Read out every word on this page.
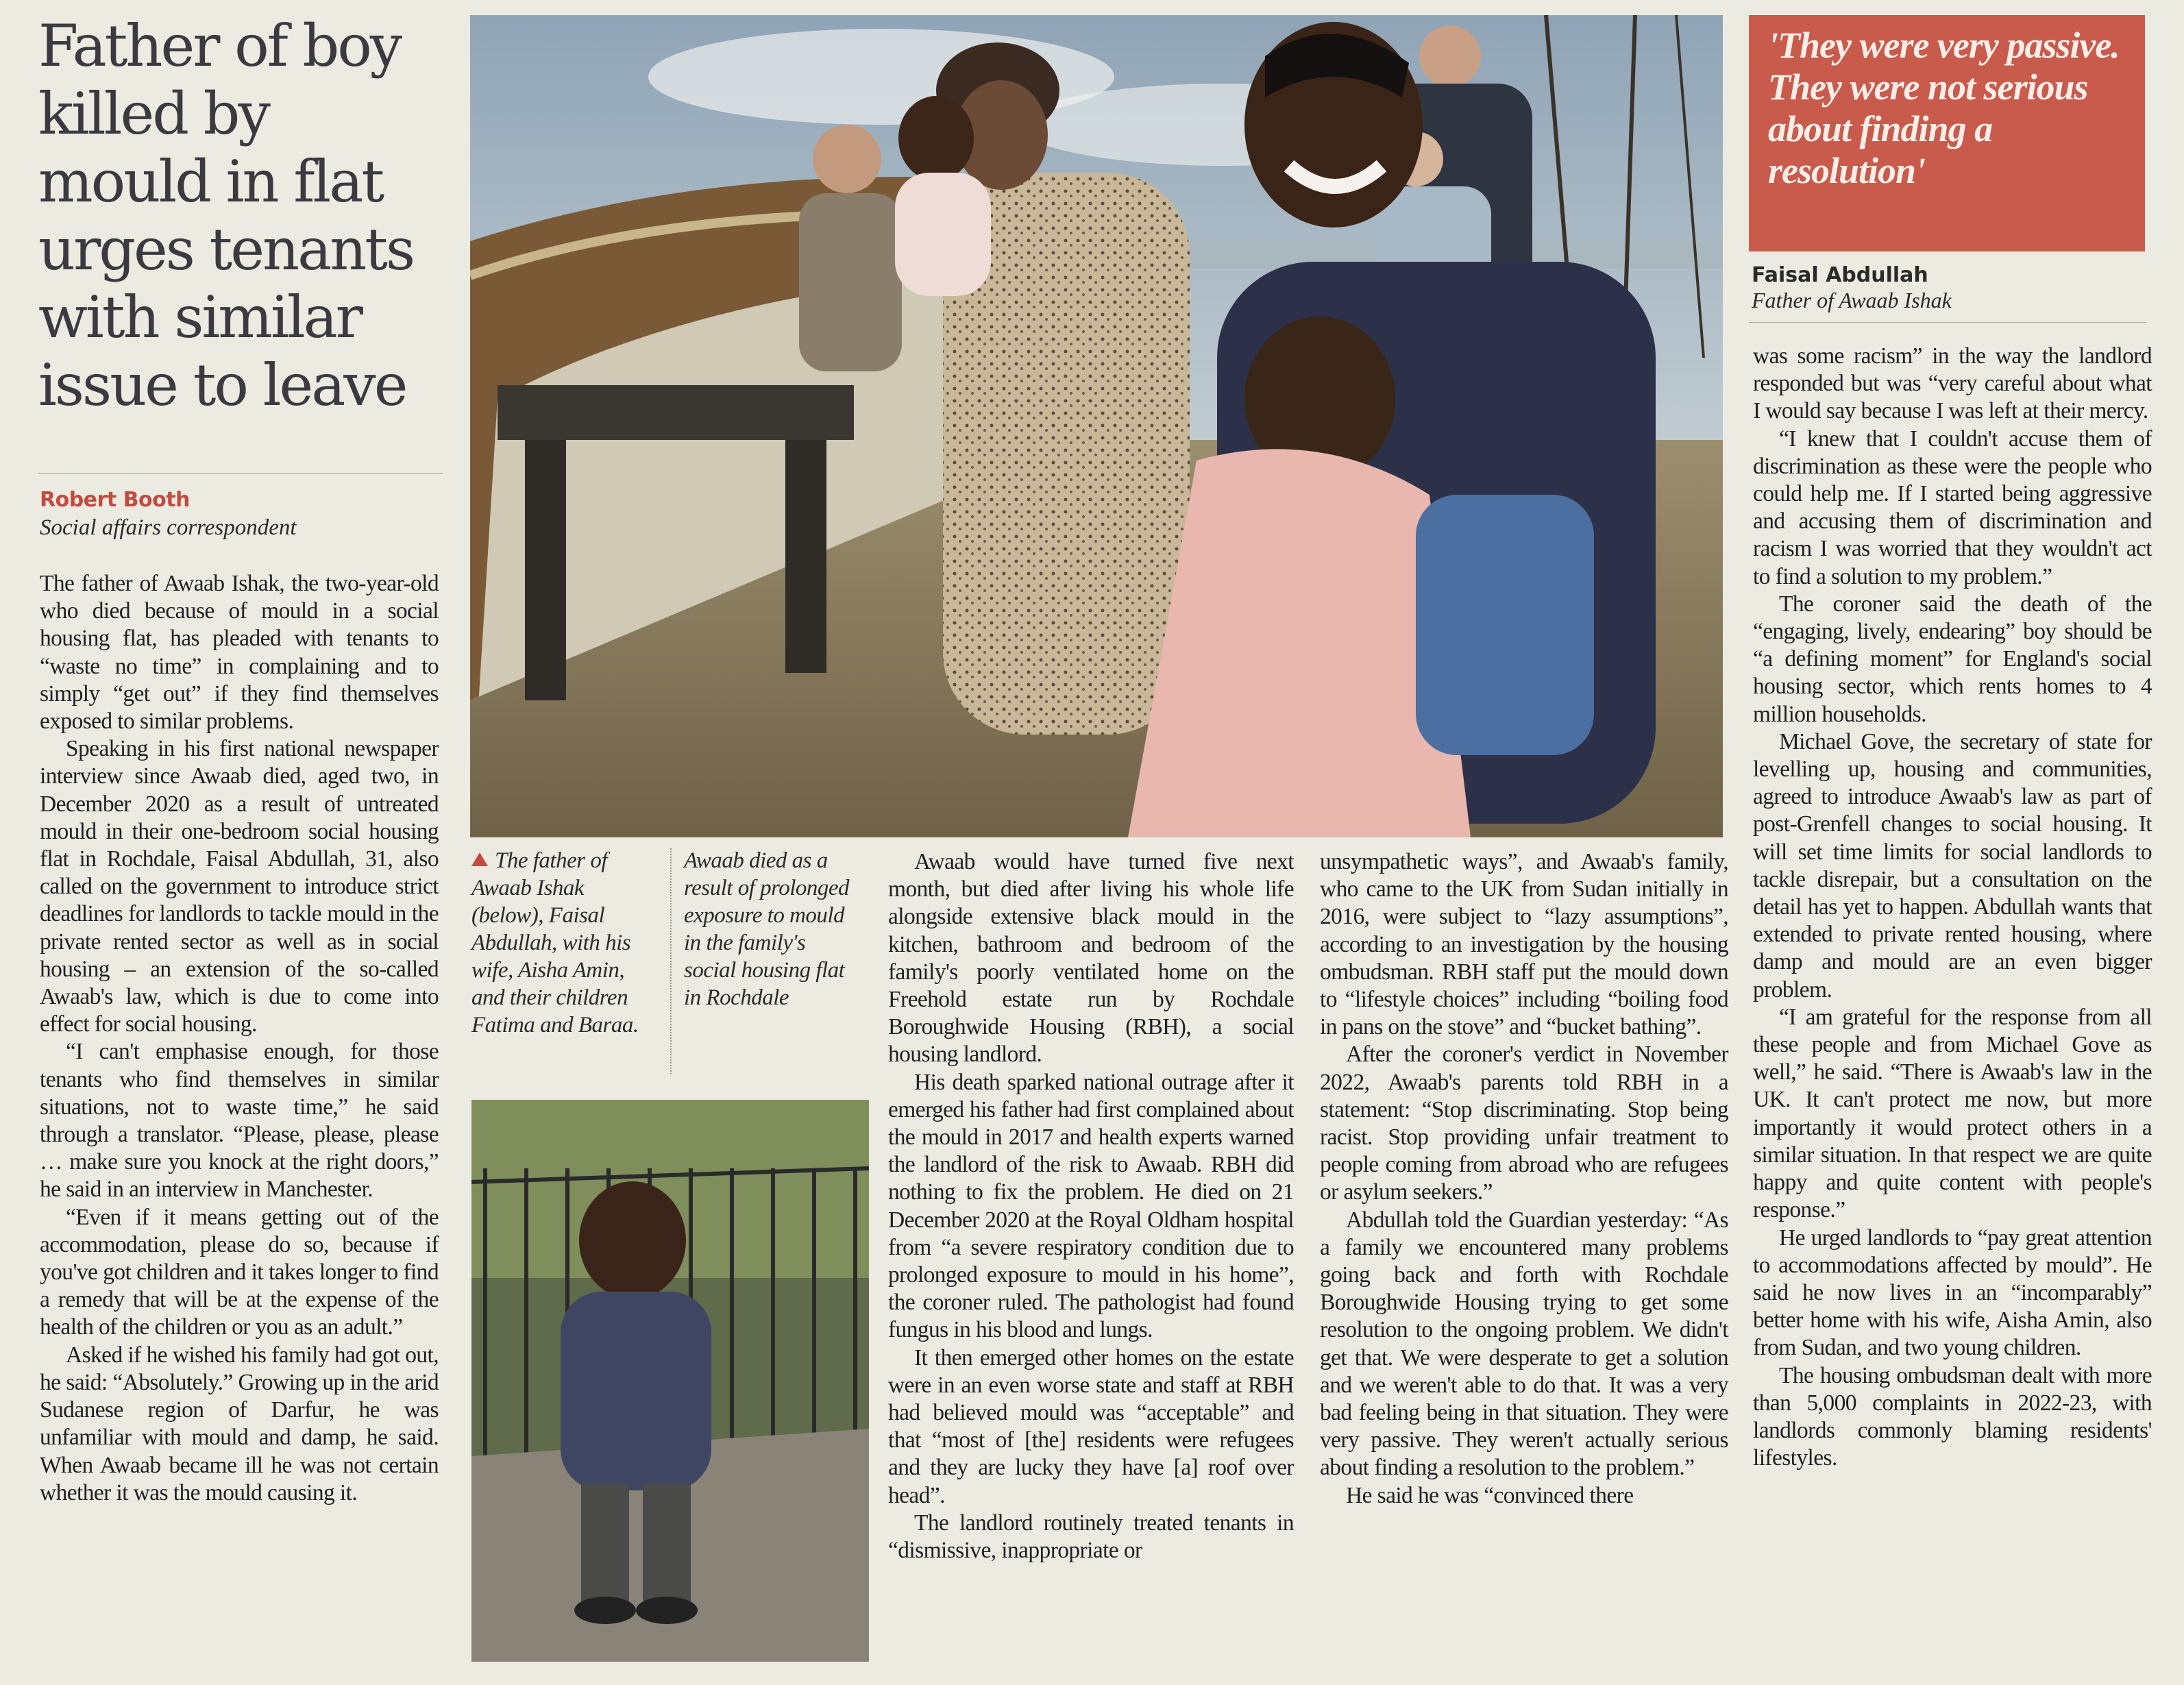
Father of boy killed by mould in flat urges tenants with similar issue to leave
Robert Booth
Social affairs correspondent

The father of Awaab Ishak, the two-year-old who died because of mould in a social housing flat, has pleaded with tenants to “waste no time” in complaining and to simply “get out” if they find themselves exposed to similar problems.

Speaking in his first national newspaper interview since Awaab died, aged two, in December 2020 as a result of untreated mould in their one-bedroom social housing flat in Rochdale, Faisal Abdullah, 31, also called on the government to introduce strict deadlines for landlords to tackle mould in the private rented sector as well as in social housing – an extension of the so-called Awaab's law, which is due to come into effect for social housing.

“I can't emphasise enough, for those tenants who find themselves in similar situations, not to waste time,” he said through a translator. “Please, please, please … make sure you knock at the right doors,” he said in an interview in Manchester.

“Even if it means getting out of the accommodation, please do so, because if you've got children and it takes longer to find a remedy that will be at the expense of the health of the children or you as an adult.”

Asked if he wished his family had got out, he said: “Absolutely.” Growing up in the arid Sudanese region of Darfur, he was unfamiliar with mould and damp, he said. When Awaab became ill he was not certain whether it was the mould causing it.

The father of Awaab Ishak (below), Faisal Abdullah, with his wife, Aisha Amin, and their children Fatima and Baraa.
Awaab died as a result of prolonged exposure to mould in the family's social housing flat in Rochdale

Awaab would have turned five next month, but died after living his whole life alongside extensive black mould in the kitchen, bathroom and bedroom of the family's poorly ventilated home on the Freehold estate run by Rochdale Boroughwide Housing (RBH), a social housing landlord.

His death sparked national outrage after it emerged his father had first complained about the mould in 2017 and health experts warned the landlord of the risk to Awaab. RBH did nothing to fix the problem. He died on 21 December 2020 at the Royal Oldham hospital from “a severe respiratory condition due to prolonged exposure to mould in his home”, the coroner ruled. The pathologist had found fungus in his blood and lungs.

It then emerged other homes on the estate were in an even worse state and staff at RBH had believed mould was “acceptable” and that “most of [the] residents were refugees and they are lucky they have [a] roof over head”.

The landlord routinely treated tenants in “dismissive, inappropriate or

unsympathetic ways”, and Awaab's family, who came to the UK from Sudan initially in 2016, were subject to “lazy assumptions”, according to an investigation by the housing ombudsman. RBH staff put the mould down to “lifestyle choices” including “boiling food in pans on the stove” and “bucket bathing”.

After the coroner's verdict in November 2022, Awaab's parents told RBH in a statement: “Stop discriminating. Stop being racist. Stop providing unfair treatment to people coming from abroad who are refugees or asylum seekers.”

Abdullah told the Guardian yesterday: “As a family we encountered many problems going back and forth with Rochdale Boroughwide Housing trying to get some resolution to the ongoing problem. We didn't get that. We were desperate to get a solution and we weren't able to do that. It was a very bad feeling being in that situation. They were very passive. They weren't actually serious about finding a resolution to the problem.”

He said he was “convinced there

'They were very passive. They were not serious about finding a resolution'
Faisal Abdullah
Father of Awaab Ishak

was some racism” in the way the landlord responded but was “very careful about what I would say because I was left at their mercy.

“I knew that I couldn't accuse them of discrimination as these were the people who could help me. If I started being aggressive and accusing them of discrimination and racism I was worried that they wouldn't act to find a solution to my problem.”

The coroner said the death of the “engaging, lively, endearing” boy should be “a defining moment” for England's social housing sector, which rents homes to 4 million households.

Michael Gove, the secretary of state for levelling up, housing and communities, agreed to introduce Awaab's law as part of post-Grenfell changes to social housing. It will set time limits for social landlords to tackle disrepair, but a consultation on the detail has yet to happen. Abdullah wants that extended to private rented housing, where damp and mould are an even bigger problem.

“I am grateful for the response from all these people and from Michael Gove as well,” he said. “There is Awaab's law in the UK. It can't protect me now, but more importantly it would protect others in a similar situation. In that respect we are quite happy and quite content with people's response.”

He urged landlords to “pay great attention to accommodations affected by mould”. He said he now lives in an “incomparably” better home with his wife, Aisha Amin, also from Sudan, and two young children.

The housing ombudsman dealt with more than 5,000 complaints in 2022-23, with landlords commonly blaming residents' lifestyles.
